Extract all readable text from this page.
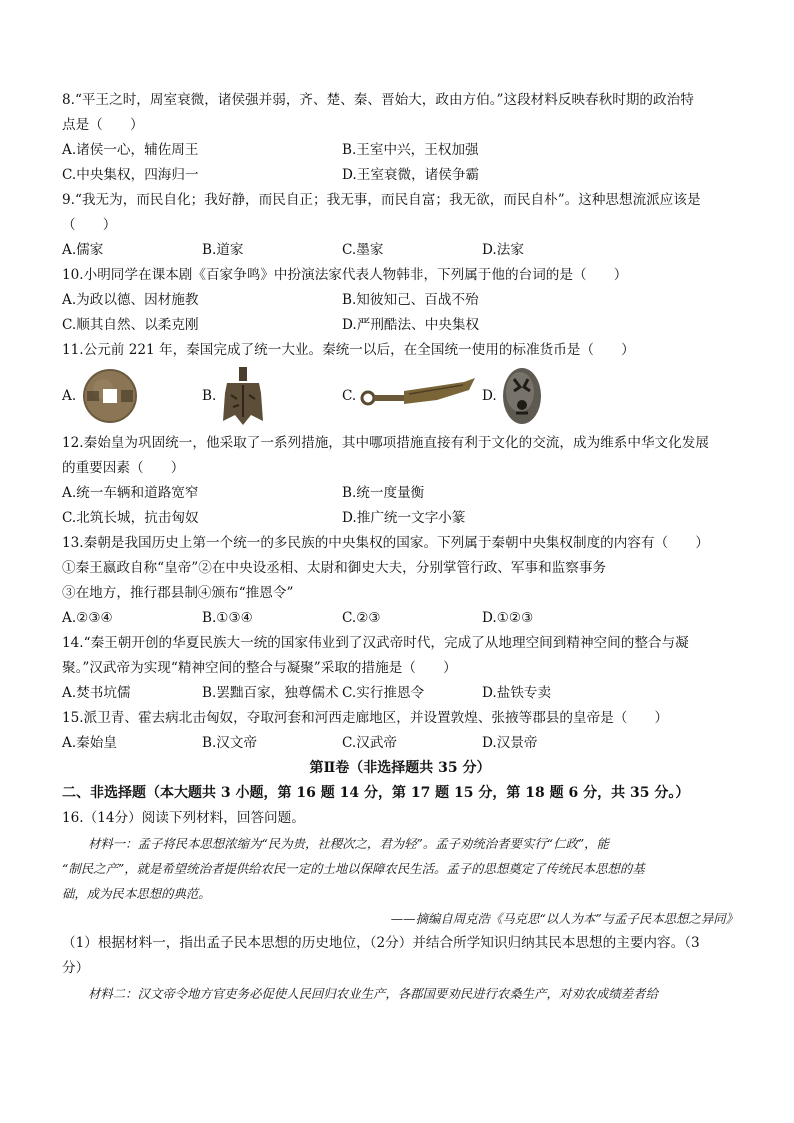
8.“平王之时，周室衰微，诸侯强并弱，齐、楚、秦、晋始大，政由方伯。”这段材料反映春秋时期的政治特
点是（　　）
A.诸侯一心，辅佐周王	B.王室中兴，王权加强
C.中央集权，四海归一	D.王室衰微，诸侯争霸
9.“我无为，而民自化；我好静，而民自正；我无事，而民自富；我无欲，而民自朴”。这种思想流派应该是
（　　）
A.儒家	B.道家	C.墨家	D.法家
10.小明同学在课本剧《百家争鸣》中扮演法家代表人物韩非，下列属于他的台词的是（　　）
A.为政以德、因材施教	B.知彼知己、百战不殆
C.顺其自然、以柔克刚	D.严刑酷法、中央集权
11.公元前 221 年，秦国完成了统一大业。秦统一以后，在全国统一使用的标准货币是（　　）
A.	B.	C.	D.
12.秦始皇为巩固统一，他采取了一系列措施，其中哪项措施直接有利于文化的交流，成为维系中华文化发展
的重要因素（　　）
A.统一车辆和道路宽窄	B.统一度量衡
C.北筑长城，抗击匈奴	D.推广统一文字小篆
13.秦朝是我国历史上第一个统一的多民族的中央集权的国家。下列属于秦朝中央集权制度的内容有（　　）
①秦王嬴政自称“皇帝”②在中央设丞相、太尉和御史大夫，分别掌管行政、军事和监察事务
③在地方，推行郡县制④颁布“推恩令”
A.②③④	B.①③④	C.②③	D.①②③
14.“秦王朝开创的华夏民族大一统的国家伟业到了汉武帝时代，完成了从地理空间到精神空间的整合与凝
聚。”汉武帝为实现“精神空间的整合与凝聚”采取的措施是（　　）
A.焚书坑儒	B.罢黜百家，独尊儒术 C.实行推恩令	D.盐铁专卖
15.派卫青、霍去病北击匈奴，夺取河套和河西走廊地区，并设置敦煌、张掖等郡县的皇帝是（　　）
A.秦始皇	B.汉文帝	C.汉武帝	D.汉景帝
第Ⅱ卷（非选择题共 35 分）
二、非选择题（本大题共 3 小题，第 16 题 14 分，第 17 题 15 分，第 18 题 6 分，共 35 分。）
16.（14分）阅读下列材料，回答问题。
材料一：孟子将民本思想浓缩为“民为贵，社稷次之，君为轻”。孟子劝统治者要实行“仁政”，能
“制民之产”，就是希望统治者提供给农民一定的土地以保障农民生活。孟子的思想奠定了传统民本思想的基
础，成为民本思想的典范。
——摘编自周克浩《马克思“以人为本”与孟子民本思想之异同》
（1）根据材料一，指出孟子民本思想的历史地位，（2分）并结合所学知识归纳其民本思想的主要内容。（3
分）
材料二：汉文帝令地方官吏务必促使人民回归农业生产，各郡国要劝民进行农桑生产，对劝农成绩差者给
